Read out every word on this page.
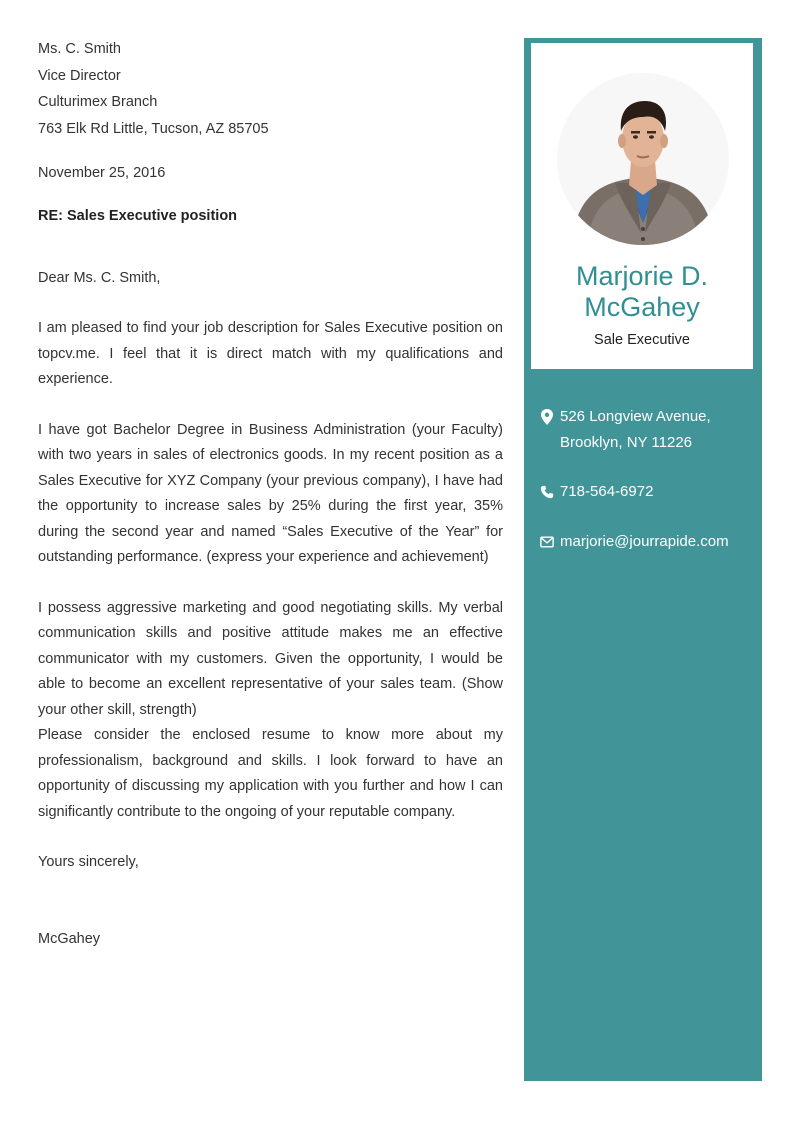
Ms. C. Smith
Vice Director
Culturimex Branch
763 Elk Rd Little, Tucson, AZ 85705

November 25, 2016

RE: Sales Executive position

Dear Ms. C. Smith,

I am pleased to find your job description for Sales Executive position on topcv.me. I feel that it is direct match with my qualifications and experience.

I have got Bachelor Degree in Business Administration (your Faculty) with two years in sales of electronics goods. In my recent position as a Sales Executive for XYZ Company (your previous company), I have had the opportunity to increase sales by 25% during the first year, 35% during the second year and named “Sales Executive of the Year” for outstanding performance. (express your experience and achievement)

I possess aggressive marketing and good negotiating skills. My verbal communication skills and positive attitude makes me an effective communicator with my customers. Given the opportunity, I would be able to become an excellent representative of your sales team. (Show your other skill, strength)

Please consider the enclosed resume to know more about my professionalism, background and skills. I look forward to have an opportunity of discussing my application with you further and how I can significantly contribute to the ongoing of your reputable company.

Yours sincerely,

McGahey

Marjorie D.
McGahey
Sale Executive
526 Longview Avenue,
Brooklyn, NY 11226
718-564-6972
marjorie@jourrapide.com
